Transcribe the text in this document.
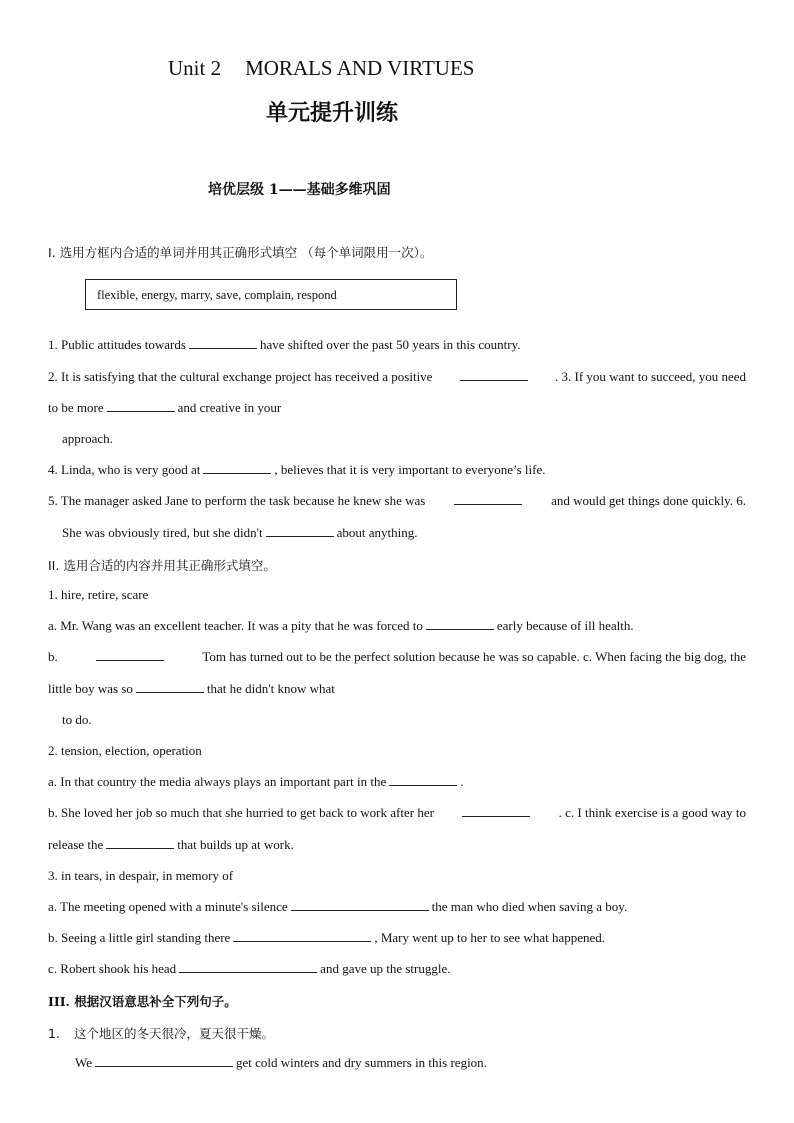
Unit 2 MORALS AND VIRTUES
单元提升训练
培优层级 1——基础多维巩固
I. 选用方框内合适的单词并用其正确形式填空 （每个单词限用一次）。
flexible, energy, marry, save, complain, respond
1. Public attitudes towards	have shifted over the past 50 years in this country.
2. It is satisfying that the cultural exchange project has received a positive	. 3. If you want to succeed, you need
to be more	and creative in your
approach.
4. Linda, who is very good at	, believes that it is very important to everyone’s life.
5. The manager asked Jane to perform the task because he knew she was	and would get things done quickly. 6.
She was obviously tired, but she didn't	about anything.
II. 选用合适的内容并用其正确形式填空。
1. hire, retire, scare
a. Mr. Wang was an excellent teacher. It was a pity that he was forced to	early because of ill health.
b.	Tom has turned out to be the perfect solution because he was so capable. c. When facing the big dog, the
little boy was so	that he didn't know what
to do.
2. tension, election, operation
a. In that country the media always plays an important part in the	.
b. She loved her job so much that she hurried to get back to work after her	. c. I think exercise is a good way to
release the	that builds up at work.
3. in tears, in despair, in memory of
a. The meeting opened with a minute's silence	the man who died when saving a boy.
b. Seeing a little girl standing there	, Mary went up to her to see what happened.
c. Robert shook his head	and gave up the struggle.
III. 根据汉语意思补全下列句子。
1. 这个地区的冬天很冷，夏天很干燥。
We	get cold winters and dry summers in this region.
